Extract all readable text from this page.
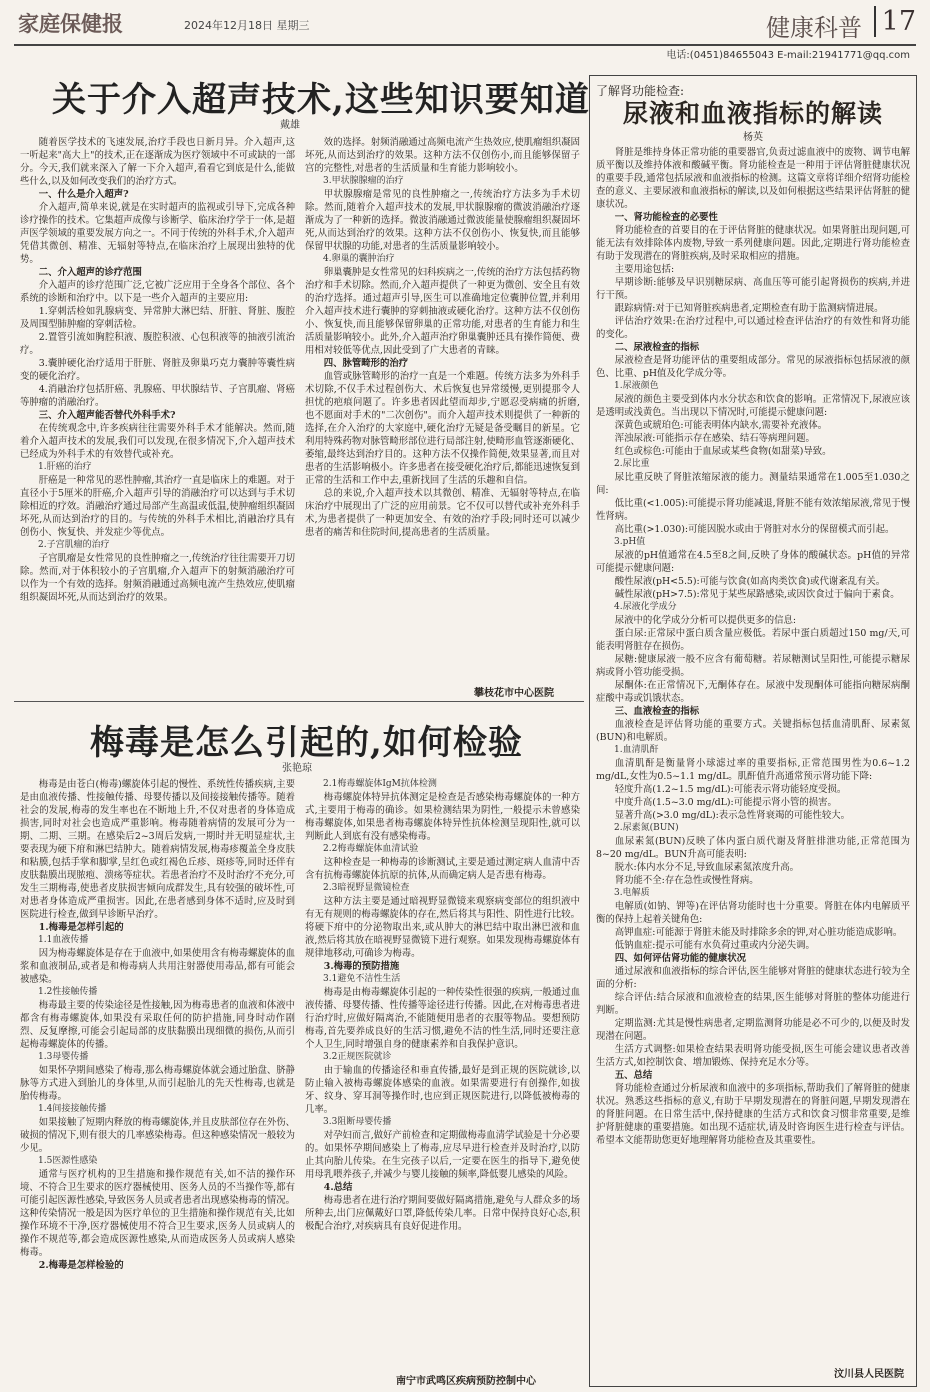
家庭保健报	2024年12月18日 星期三	健康科普 17
电话:(0451)84655043 E-mail:21941771@qq.com
关于介入超声技术,这些知识要知道
戴雄

随着医学技术的飞速发展,治疗手段也日新月异。介入超声,这一听起来"高大上"的技术,正在逐渐成为医疗领域中不可或缺的一部分。今天,我们就来深入了解一下介入超声,看看它到底是什么,能做些什么,以及如何改变我们的治疗方式。

一、什么是介入超声?

介入超声,简单来说,就是在实时超声的监视或引导下,完成各种诊疗操作的技术。它集超声成像与诊断学、临床治疗学于一体,是超声医学领域的重要发展方向之一。不同于传统的外科手术,介入超声凭借其微创、精准、无辐射等特点,在临床治疗上展现出独特的优势。

二、介入超声的诊疗范围

介入超声的诊疗范围广泛,它被广泛应用于全身各个部位、各个系统的诊断和治疗中。以下是一些介入超声的主要应用:

1.穿刺活检如乳腺病变、异常肿大淋巴结、肝脏、肾脏、腹腔及周围型肺肿瘤的穿刺活检。

2.置管引流如胸腔积液、腹腔积液、心包积液等的抽液引流治疗。

3.囊肿硬化治疗适用于肝脏、肾脏及卵巢巧克力囊肿等囊性病变的硬化治疗。

4.消融治疗包括肝癌、乳腺癌、甲状腺结节、子宫肌瘤、肾癌等肿瘤的消融治疗。

三、介入超声能否替代外科手术?

在传统观念中,许多疾病往往需要外科手术才能解决。然而,随着介入超声技术的发展,我们可以发现,在很多情况下,介入超声技术已经成为外科手术的有效替代或补充。

1.肝癌的治疗

肝癌是一种常见的恶性肿瘤,其治疗一直是临床上的难题。对于直径小于5厘米的肝癌,介入超声引导的消融治疗可以达到与手术切除相近的疗效。消融治疗通过局部产生高温或低温,使肿瘤组织凝固坏死,从而达到治疗的目的。与传统的外科手术相比,消融治疗具有创伤小、恢复快、并发症少等优点。

2.子宫肌瘤的治疗

子宫肌瘤是女性常见的良性肿瘤之一,传统治疗往往需要开刀切除。然而,对于体积较小的子宫肌瘤,介入超声下的射频消融治疗可以作为一个有效的选择。射频消融通过高频电流产生热效应,使肌瘤组织凝固坏死,从而达到治疗的效果。

效的选择。射频消融通过高频电流产生热效应,使肌瘤组织凝固坏死,从而达到治疗的效果。这种方法不仅创伤小,而且能够保留子宫的完整性,对患者的生活质量和生育能力影响较小。

3.甲状腺腺瘤的治疗

甲状腺腺瘤是常见的良性肿瘤之一,传统治疗方法多为手术切除。然而,随着介入超声技术的发展,甲状腺腺瘤的微波消融治疗逐渐成为了一种新的选择。微波消融通过微波能量使腺瘤组织凝固坏死,从而达到治疗的效果。这种方法不仅创伤小、恢复快,而且能够保留甲状腺的功能,对患者的生活质量影响较小。

4.卵巢的囊肿治疗

卵巢囊肿是女性常见的妇科疾病之一,传统的治疗方法包括药物治疗和手术切除。然而,介入超声提供了一种更为微创、安全且有效的治疗选择。通过超声引导,医生可以准确地定位囊肿位置,并利用介入超声技术进行囊肿的穿刺抽液或硬化治疗。这种方法不仅创伤小、恢复快,而且能够保留卵巢的正常功能,对患者的生育能力和生活质量影响较小。此外,介入超声治疗卵巢囊肿还具有操作简便、费用相对较低等优点,因此受到了广大患者的青睐。

四、脉管畸形的治疗

血管或脉管畸形的治疗一直是一个难题。传统方法多为外科手术切除,不仅手术过程创伤大、术后恢复也异常缓慢,更别提那令人担忧的疤痕问题了。许多患者因此望而却步,宁愿忍受病痛的折磨,也不愿面对手术的"二次创伤"。而介入超声技术则提供了一种新的选择,在介入治疗的大家庭中,硬化治疗无疑是备受瞩目的新星。它利用特殊药物对脉管畸形部位进行局部注射,使畸形血管逐渐硬化、萎缩,最终达到治疗目的。这种方法不仅操作简便,效果显著,而且对患者的生活影响极小。许多患者在接受硬化治疗后,都能迅速恢复到正常的生活和工作中去,重新找回了生活的乐趣和自信。

总的来说,介入超声技术以其微创、精准、无辐射等特点,在临床治疗中展现出了广泛的应用前景。它不仅可以替代或补充外科手术,为患者提供了一种更加安全、有效的治疗手段;同时还可以减少患者的痛苦和住院时间,提高患者的生活质量。

攀枝花市中心医院
梅毒是怎么引起的,如何检验
张艳琼

梅毒是由苍白(梅毒)螺旋体引起的慢性、系统性传播疾病,主要是由血液传播、性接触传播、母婴传播以及间接接触传播等。随着社会的发展,梅毒的发生率也在不断地上升,不仅对患者的身体造成损害,同时对社会也造成严重影响。梅毒随着病情的发展可分为一期、二期、三期。在感染后2~3周后发病,一期时并无明显症状,主要表现为硬下疳和淋巴结肿大。随着病情发展,梅毒疹覆盖全身皮肤和粘膜,包括手掌和脚掌,呈红色或红褐色丘疹、斑疹等,同时还伴有皮肤黏膜出现脓疱、溃疡等症状。若患者治疗不及时治疗不充分,可发生三期梅毒,使患者皮肤损害倾向成群发生,具有较强的破坏性,可对患者身体造成严重损害。因此,在患者感到身体不适时,应及时到医院进行检查,做到早诊断早治疗。

1.梅毒是怎样引起的

1.1血液传播

因为梅毒螺旋体是存在于血液中,如果使用含有梅毒螺旋体的血浆和血液制品,或者是和梅毒病人共用注射器使用毒品,都有可能会被感染。

1.2性接触传播

梅毒最主要的传染途径是性接触,因为梅毒患者的血液和体液中都含有梅毒螺旋体,如果没有采取任何的防护措施,同身时动作剧烈、反复摩擦,可能会引起局部的皮肤黏膜出现细微的损伤,从而引起梅毒螺旋体的传播。

1.3母婴传播

如果怀孕期间感染了梅毒,那么梅毒螺旋体就会通过胎盘、脐静脉等方式进入到胎儿的身体里,从而引起胎儿的先天性梅毒,也就是胎传梅毒。

1.4间接接触传播

如果接触了短期内释放的梅毒螺旋体,并且皮肤部位存在外伤、破损的情况下,则有很大的几率感染梅毒。但这种感染情况一般较为少见。

1.5医源性感染

通常与医疗机构的卫生措施和操作规范有关,如不洁的操作环境、不符合卫生要求的医疗器械使用、医务人员的不当操作等,都有可能引起医源性感染,导致医务人员或者患者出现感染梅毒的情况。这种传染情况一般是因为医疗单位的卫生措施和操作规范有关,比如操作环境不干净,医疗器械使用不符合卫生要求,医务人员或病人的操作不规范等,都会造成医源性感染,从而造成医务人员或病人感染梅毒。

2.梅毒是怎样检验的

2.1梅毒螺旋体IgM抗体检测

梅毒螺旋体特异抗体测定是检查是否感染梅毒螺旋体的一种方式,主要用于梅毒的确诊。如果检测结果为阴性,一般提示未曾感染梅毒螺旋体,如果患者梅毒螺旋体特异性抗体检测呈现阳性,就可以判断此人到底有没有感染梅毒。

2.2梅毒螺旋体血清试验

这种检查是一种梅毒的诊断测试,主要是通过测定病人血清中否含有抗梅毒螺旋体抗原的抗体,从而确定病人是否患有梅毒。

2.3暗视野显微镜检查

这种方法主要是通过暗视野显微镜来观察病变部位的组织液中有无有规则的梅毒螺旋体的存在,然后将其与阳性、阴性进行比较。将硬下疳中的分泌物取出来,或从肿大的淋巴结中取出淋巴液和血液,然后将其放在暗视野显微镜下进行观察。如果发现梅毒螺旋体有规律地移动,可确诊为梅毒。

3.梅毒的预防措施

3.1避免不洁性生活

梅毒是由梅毒螺旋体引起的一种传染性很强的疾病,一般通过血液传播、母婴传播、性传播等途径进行传播。因此,在对梅毒患者进行治疗时,应做好隔离治,不能随便用患者的衣服等物品。要想预防梅毒,首先要养成良好的生活习惯,避免不洁的性生活,同时还要注意个人卫生,同时增强自身的健康素养和自我保护意识。

3.2正规医院就诊

由于输血的传播途径和垂直传播,最好是到正规的医院就诊,以防止输入被梅毒螺旋体感染的血液。如果需要进行有创操作,如拔牙、纹身、穿耳洞等操作时,也应到正规医院进行,以降低被梅毒的几率。

3.3阻断母婴传播

对孕妇而言,做好产前检查和定期做梅毒血清学试验是十分必要的。如果怀孕期间感染上了梅毒,应尽早进行检查并及时治疗,以防止其向胎儿传染。在生完孩子以后,一定要在医生的指导下,避免使用母乳喂养孩子,并减少与婴儿接触的频率,降低婴儿感染的风险。

4.总结

梅毒患者在进行治疗期间要做好隔离措施,避免与人群众多的场所种去,出门应佩戴好口罩,降低传染几率。日常中保持良好心态,积极配合治疗,对疾病具有良好促进作用。

南宁市武鸣区疾病预防控制中心
了解肾功能检查:
尿液和血液指标的解读
杨英

肾脏是维持身体正常功能的重要器官,负责过滤血液中的废物、调节电解质平衡以及维持体液和酸碱平衡。肾功能检查是一种用于评估肾脏健康状况的重要手段,通常包括尿液和血液指标的检测。这篇文章将详细介绍肾功能检查的意义、主要尿液和血液指标的解读,以及如何根据这些结果评估肾脏的健康状况。

一、肾功能检查的必要性

肾功能检查的首要目的在于评估肾脏的健康状况。如果肾脏出现问题,可能无法有效排除体内废物,导致一系列健康问题。因此,定期进行肾功能检查有助于发现潜在的肾脏疾病,及时采取相应的措施。

主要用途包括:

早期诊断:能够及早识别糖尿病、高血压等可能引起肾损伤的疾病,并进行干预。

跟踪病情:对于已知肾脏疾病患者,定期检查有助于监测病情进展。

评估治疗效果:在治疗过程中,可以通过检查评估治疗的有效性和肾功能的变化。

二、尿液检查的指标

尿液检查是肾功能评估的重要组成部分。常见的尿液指标包括尿液的颜色、比重、pH值及化学成分等。

1.尿液颜色

尿液的颜色主要受到体内水分状态和饮食的影响。正常情况下,尿液应该是透明或浅黄色。当出现以下情况时,可能提示健康问题:

深黄色或琥珀色:可能表明体内缺水,需要补充液体。

浑浊尿液:可能指示存在感染、结石等病理问题。

红色或棕色:可能由于血尿或某些食物(如甜菜)导致。

2.尿比重

尿比重反映了肾脏浓缩尿液的能力。测量结果通常在1.005至1.030之间:

低比重(<1.005):可能提示肾功能减退,肾脏不能有效浓缩尿液,常见于慢性肾病。

高比重(>1.030):可能因脱水或由于肾脏对水分的保留模式而引起。

3.pH值

尿液的pH值通常在4.5至8之间,反映了身体的酸碱状态。pH值的异常可能提示健康问题:

酸性尿液(pH<5.5):可能与饮食(如高肉类饮食)或代谢紊乱有关。

碱性尿液(pH>7.5):常见于某些尿路感染,或因饮食过于偏向于素食。

4.尿液化学成分

尿液中的化学成分分析可以提供更多的信息:

蛋白尿:正常尿中蛋白质含量应极低。若尿中蛋白质超过150 mg/天,可能表明肾脏存在损伤。

尿糖:健康尿液一般不应含有葡萄糖。若尿糖测试呈阳性,可能提示糖尿病或肾小管功能受损。

尿酮体:在正常情况下,无酮体存在。尿液中发现酮体可能指向糖尿病酮症酸中毒或饥饿状态。

三、血液检查的指标

血液检查是评估肾功能的重要方式。关键指标包括血清肌酐、尿素氮(BUN)和电解质。

1.血清肌酐

血清肌酐是衡量肾小球滤过率的重要指标,正常范围男性为0.6~1.2 mg/dL,女性为0.5~1.1 mg/dL。肌酐值升高通常预示肾功能下降:

轻度升高(1.2~1.5 mg/dL):可能表示肾功能轻度受损。

中度升高(1.5~3.0 mg/dL):可能提示肾小管的损害。

显著升高(>3.0 mg/dL):表示急性肾衰竭的可能性较大。

2.尿素氮(BUN)

血尿素氮(BUN)反映了体内蛋白质代谢及肾脏排泄功能,正常范围为8~20 mg/dL。BUN升高可能表明:

脱水:体内水分不足,导致血尿素氮浓度升高。

肾功能不全:存在急性或慢性肾病。

3.电解质

电解质(如钠、钾等)在评估肾功能时也十分重要。肾脏在体内电解质平衡的保持上起着关键角色:

高钾血症:可能源于肾脏未能及时排除多余的钾,对心脏功能造成影响。

低钠血症:提示可能有水负荷过重或内分泌失调。

四、如何评估肾功能的健康状况

通过尿液和血液指标的综合评估,医生能够对肾脏的健康状态进行较为全面的分析:

综合评估:结合尿液和血液检查的结果,医生能够对肾脏的整体功能进行判断。

定期监测:尤其是慢性病患者,定期监测肾功能是必不可少的,以便及时发现潜在问题。

生活方式调整:如果检查结果表明肾功能受损,医生可能会建议患者改善生活方式,如控制饮食、增加锻炼、保持充足水分等。

五、总结

肾功能检查通过分析尿液和血液中的多项指标,帮助我们了解肾脏的健康状况。熟悉这些指标的意义,有助于早期发现潜在的肾脏问题,早期发现潜在的肾脏问题。在日常生活中,保持健康的生活方式和饮食习惯非常重要,是维护肾脏健康的重要措施。如出现不适症状,请及时咨询医生进行检查与评估。希望本文能帮助您更好地理解肾功能检查及其重要性。

汶川县人民医院
